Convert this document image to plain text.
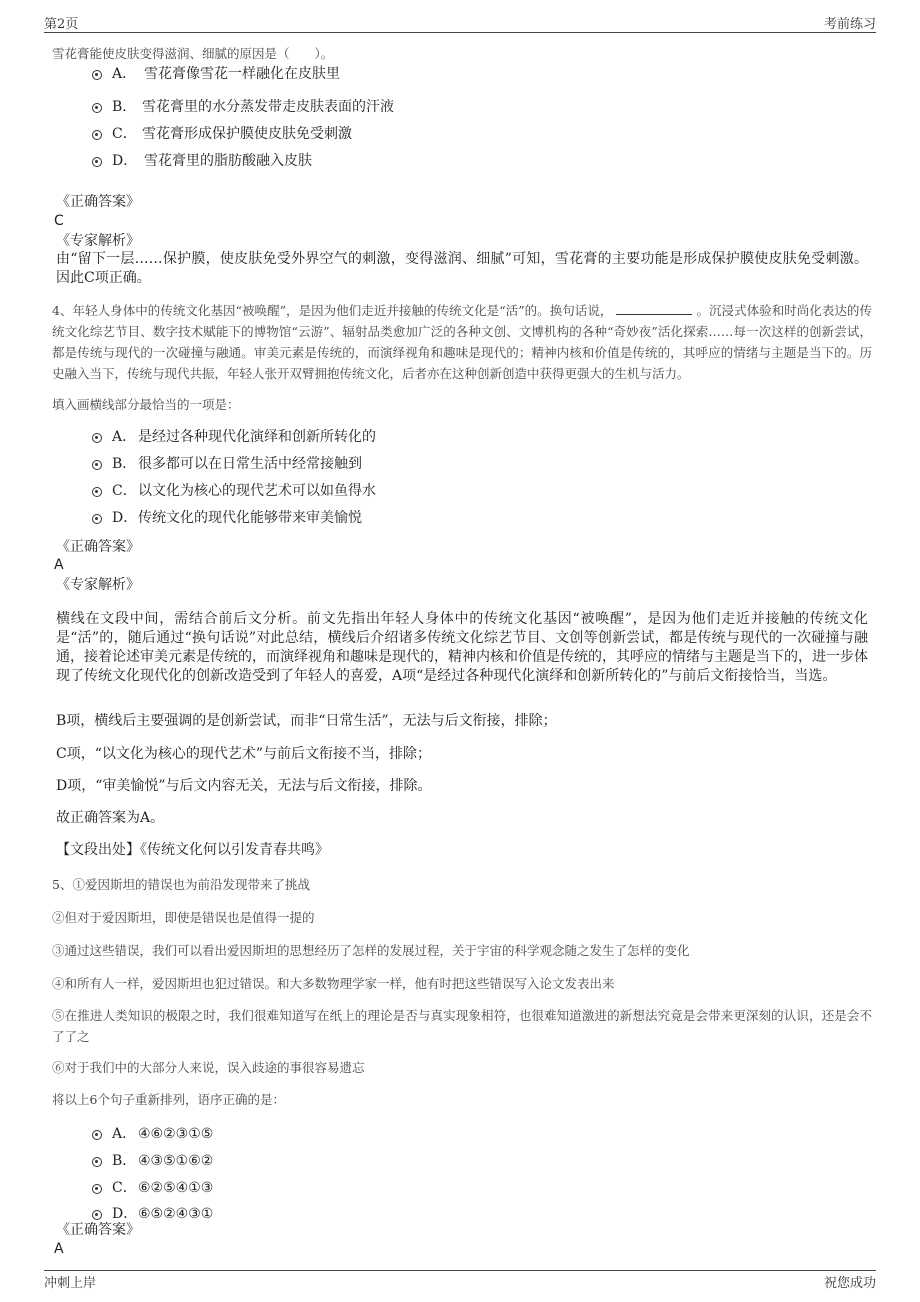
第2页	考前练习
雪花膏能使皮肤变得滋润、细腻的原因是（　　）。
A． 雪花膏像雪花一样融化在皮肤里
B． 雪花膏里的水分蒸发带走皮肤表面的汗液
C． 雪花膏形成保护膜使皮肤免受刺激
D． 雪花膏里的脂肪酸融入皮肤
《正确答案》
C
《专家解析》
由“留下一层……保护膜，使皮肤免受外界空气的刺激，变得滋润、细腻”可知，雪花膏的主要功能是形成保护膜使皮肤免受刺激。因此C项正确。
4、年轻人身体中的传统文化基因“被唤醒”，是因为他们走近并接触的传统文化是“活”的。换句话说，	。沉浸式体验和时尚化表达的传统文化综艺节目、数字技术赋能下的博物馆“云游”、辐射品类愈加广泛的各种文创、文博机构的各种“奇妙夜”活化探索……每一次这样的创新尝试，都是传统与现代的一次碰撞与融通。审美元素是传统的，而演绎视角和趣味是现代的；精神内核和价值是传统的，其呼应的情绪与主题是当下的。历史融入当下，传统与现代共振，年轻人张开双臂拥抱传统文化，后者亦在这种创新创造中获得更强大的生机与活力。
填入画横线部分最恰当的一项是：
A． 是经过各种现代化演绎和创新所转化的
B． 很多都可以在日常生活中经常接触到
C． 以文化为核心的现代艺术可以如鱼得水
D． 传统文化的现代化能够带来审美愉悦
《正确答案》
A
《专家解析》
横线在文段中间，需结合前后文分析。前文先指出年轻人身体中的传统文化基因“被唤醒”，是因为他们走近并接触的传统文化是“活”的，随后通过“换句话说”对此总结，横线后介绍诸多传统文化综艺节目、文创等创新尝试，都是传统与现代的一次碰撞与融通，接着论述审美元素是传统的，而演绎视角和趣味是现代的，精神内核和价值是传统的，其呼应的情绪与主题是当下的，进一步体现了传统文化现代化的创新改造受到了年轻人的喜爱，A项“是经过各种现代化演绎和创新所转化的”与前后文衔接恰当，当选。
B项，横线后主要强调的是创新尝试，而非“日常生活”，无法与后文衔接，排除；
C项，“以文化为核心的现代艺术”与前后文衔接不当，排除；
D项，“审美愉悦”与后文内容无关，无法与后文衔接，排除。
故正确答案为A。
【文段出处】《传统文化何以引发青春共鸣》
5、①爱因斯坦的错误也为前沿发现带来了挑战
②但对于爱因斯坦，即使是错误也是值得一提的
③通过这些错误，我们可以看出爱因斯坦的思想经历了怎样的发展过程，关于宇宙的科学观念随之发生了怎样的变化
④和所有人一样，爱因斯坦也犯过错误。和大多数物理学家一样，他有时把这些错误写入论文发表出来
⑤在推进人类知识的极限之时，我们很难知道写在纸上的理论是否与真实现象相符，也很难知道激进的新想法究竟是会带来更深刻的认识，还是会不了了之
⑥对于我们中的大部分人来说，误入歧途的事很容易遗忘
将以上6个句子重新排列，语序正确的是：
A． ④⑥②③①⑤
B． ④③⑤①⑥②
C． ⑥②⑤④①③
D． ⑥⑤②④③①
《正确答案》
A
冲刺上岸	祝您成功
